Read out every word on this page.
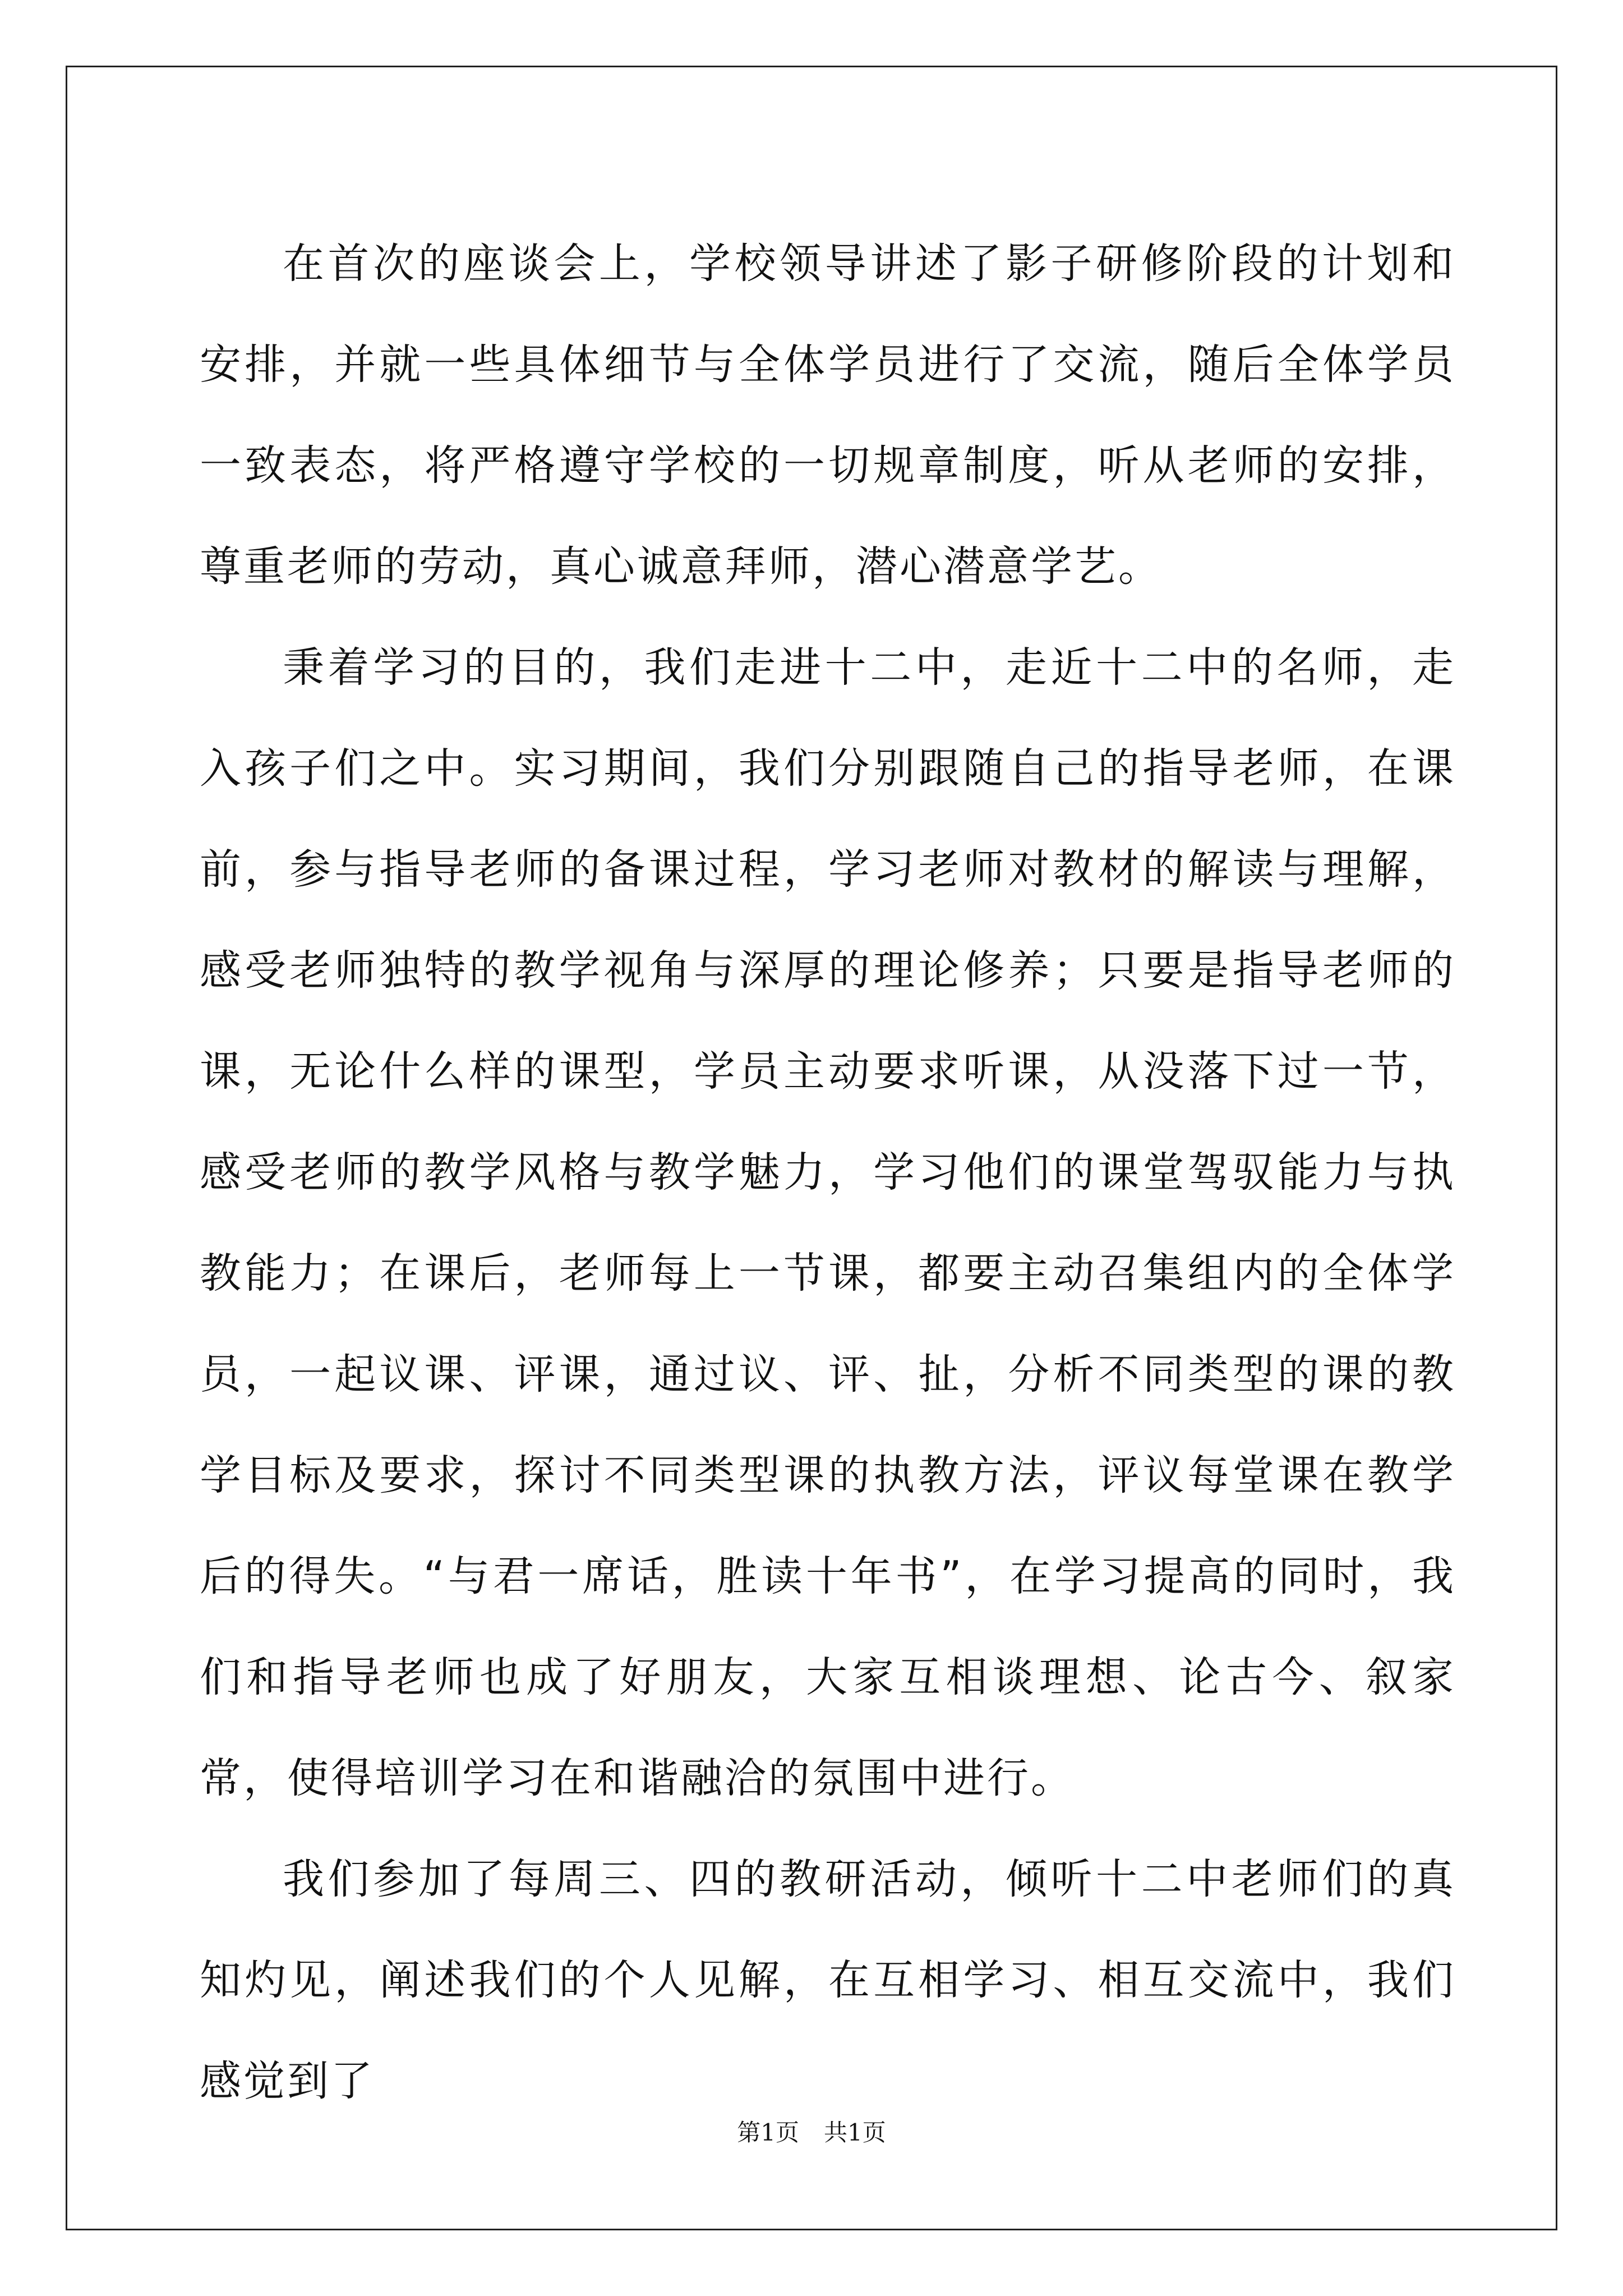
在首次的座谈会上，学校领导讲述了影子研修阶段的计划和安排，并就一些具体细节与全体学员进行了交流，随后全体学员一致表态，将严格遵守学校的一切规章制度，听从老师的安排，尊重老师的劳动，真心诚意拜师，潜心潜意学艺。

秉着学习的目的，我们走进十二中，走近十二中的名师，走入孩子们之中。实习期间，我们分别跟随自己的指导老师，在课前，参与指导老师的备课过程，学习老师对教材的解读与理解，感受老师独特的教学视角与深厚的理论修养；只要是指导老师的课，无论什么样的课型，学员主动要求听课，从没落下过一节，感受老师的教学风格与教学魅力，学习他们的课堂驾驭能力与执教能力；在课后，老师每上一节课，都要主动召集组内的全体学员，一起议课、评课，通过议、评、扯，分析不同类型的课的教学目标及要求，探讨不同类型课的执教方法，评议每堂课在教学后的得失。“与君一席话，胜读十年书”，在学习提高的同时，我们和指导老师也成了好朋友，大家互相谈理想、论古今、叙家常，使得培训学习在和谐融洽的氛围中进行。

我们参加了每周三、四的教研活动，倾听十二中老师们的真知灼见，阐述我们的个人见解，在互相学习、相互交流中，我们感觉到了

第1页 共1页
